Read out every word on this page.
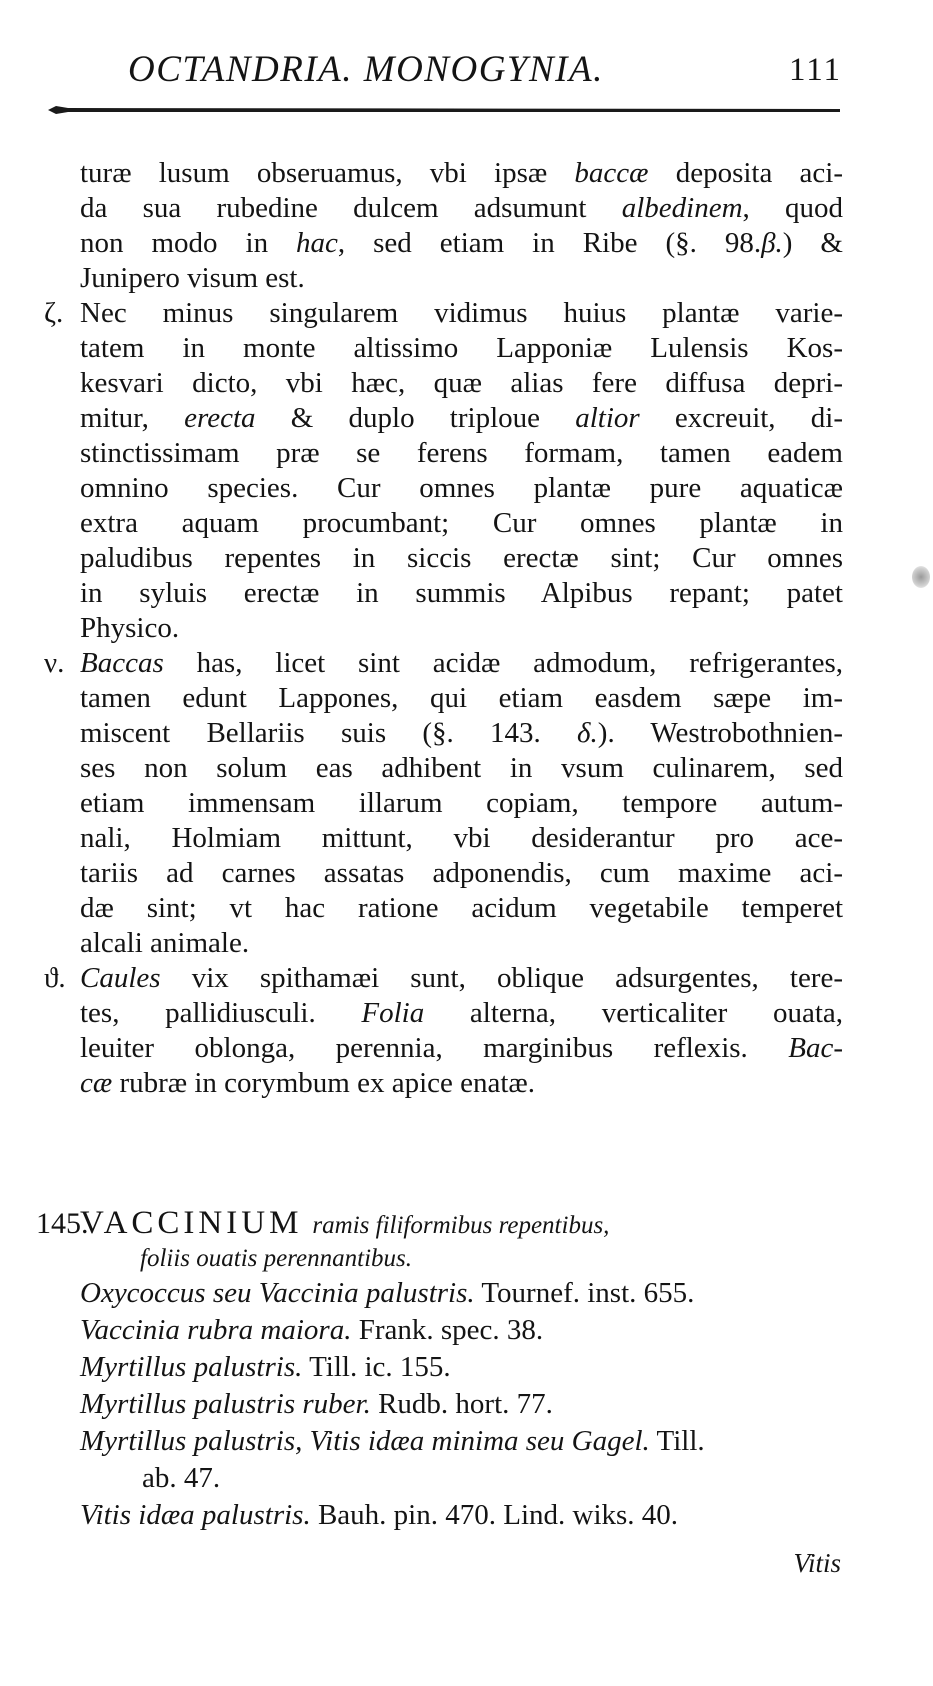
OCTANDRIA. MONOGYNIA.	111
turæ lusum obseruamus, vbi ipsæ baccæ deposita aci-
da sua rubedine dulcem adsumunt albedinem, quod
non modo in hac, sed etiam in Ribe (§. 98.β.) &
Junipero visum est.
ζ. Nec minus singularem vidimus huius plantæ varie-
tatem in monte altissimo Lapponiæ Lulensis Kos-
kesvari dicto, vbi hæc, quæ alias fere diffusa depri-
mitur, erecta & duplo triploue altior excreuit, di-
stinctissimam præ se ferens formam, tamen eadem
omnino species. Cur omnes plantæ pure aquaticæ
extra aquam procumbant; Cur omnes plantæ in
paludibus repentes in siccis erectæ sint; Cur omnes
in syluis erectæ in summis Alpibus repant; patet
Physico.
ν. Baccas has, licet sint acidæ admodum, refrigerantes,
tamen edunt Lappones, qui etiam easdem sæpe im-
miscent Bellariis suis (§. 143. δ.). Westrobothnien-
ses non solum eas adhibent in vsum culinarem, sed
etiam immensam illarum copiam, tempore autum-
nali, Holmiam mittunt, vbi desiderantur pro ace-
tariis ad carnes assatas adponendis, cum maxime aci-
dæ sint; vt hac ratione acidum vegetabile temperet
alcali animale.
ϑ. Caules vix spithamæi sunt, oblique adsurgentes, tere-
tes, pallidiusculi. Folia alterna, verticaliter ouata,
leuiter oblonga, perennia, marginibus reflexis. Bac-
cæ rubræ in corymbum ex apice enatæ.
145.VACCINIUM ramis filiformibus repentibus,
foliis ouatis perennantibus.
Oxycoccus seu Vaccinia palustris. Tournef. inst. 655.
Vaccinia rubra maiora. Frank. spec. 38.
Myrtillus palustris. Till. ic. 155.
Myrtillus palustris ruber. Rudb. hort. 77.
Myrtillus palustris, Vitis idæa minima seu Gagel. Till.
ab. 47.
Vitis idæa palustris. Bauh. pin. 470. Lind. wiks. 40.
Vitis
